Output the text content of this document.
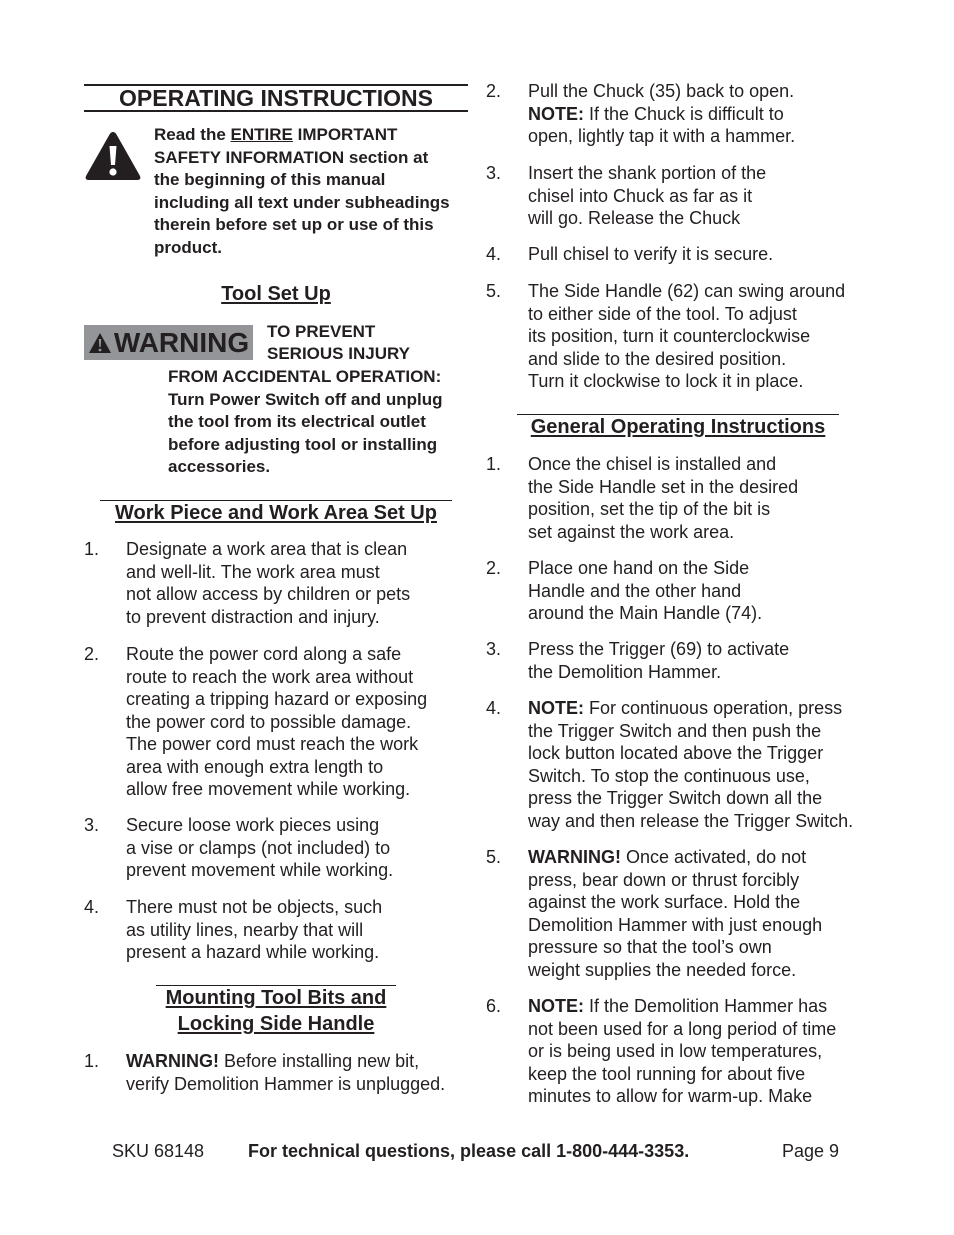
OPERATING INSTRUCTIONS
Read the ENTIRE IMPORTANT SAFETY INFORMATION section at the beginning of this manual including all text under subheadings therein before set up or use of this product.
Tool Set Up
WARNING TO PREVENT
SERIOUS INJURY
FROM ACCIDENTAL OPERATION: Turn Power Switch off and unplug the tool from its electrical outlet before adjusting tool or installing accessories.
Work Piece and Work Area Set Up
1. Designate a work area that is clean
and well-lit. The work area must
not allow access by children or pets
to prevent distraction and injury.
2. Route the power cord along a safe
route to reach the work area without
creating a tripping hazard or exposing
the power cord to possible damage.
The power cord must reach the work
area with enough extra length to
allow free movement while working.
3. Secure loose work pieces using
a vise or clamps (not included) to
prevent movement while working.
4. There must not be objects, such
as utility lines, nearby that will
present a hazard while working.
Mounting Tool Bits and
Locking Side Handle
1. WARNING! Before installing new bit,
verify Demolition Hammer is unplugged.
2. Pull the Chuck (35) back to open.
NOTE: If the Chuck is difficult to
open, lightly tap it with a hammer.
3. Insert the shank portion of the
chisel into Chuck as far as it
will go. Release the Chuck
4. Pull chisel to verify it is secure.
5. The Side Handle (62) can swing around
to either side of the tool. To adjust
its position, turn it counterclockwise
and slide to the desired position.
Turn it clockwise to lock it in place.
General Operating Instructions
1. Once the chisel is installed and
the Side Handle set in the desired
position, set the tip of the bit is
set against the work area.
2. Place one hand on the Side
Handle and the other hand
around the Main Handle (74).
3. Press the Trigger (69) to activate
the Demolition Hammer.
4. NOTE: For continuous operation, press
the Trigger Switch and then push the
lock button located above the Trigger
Switch. To stop the continuous use,
press the Trigger Switch down all the
way and then release the Trigger Switch.
5. WARNING! Once activated, do not
press, bear down or thrust forcibly
against the work surface. Hold the
Demolition Hammer with just enough
pressure so that the tool’s own
weight supplies the needed force.
6. NOTE: If the Demolition Hammer has
not been used for a long period of time
or is being used in low temperatures,
keep the tool running for about five
minutes to allow for warm-up. Make
SKU 68148 For technical questions, please call 1-800-444-3353.	Page 9
